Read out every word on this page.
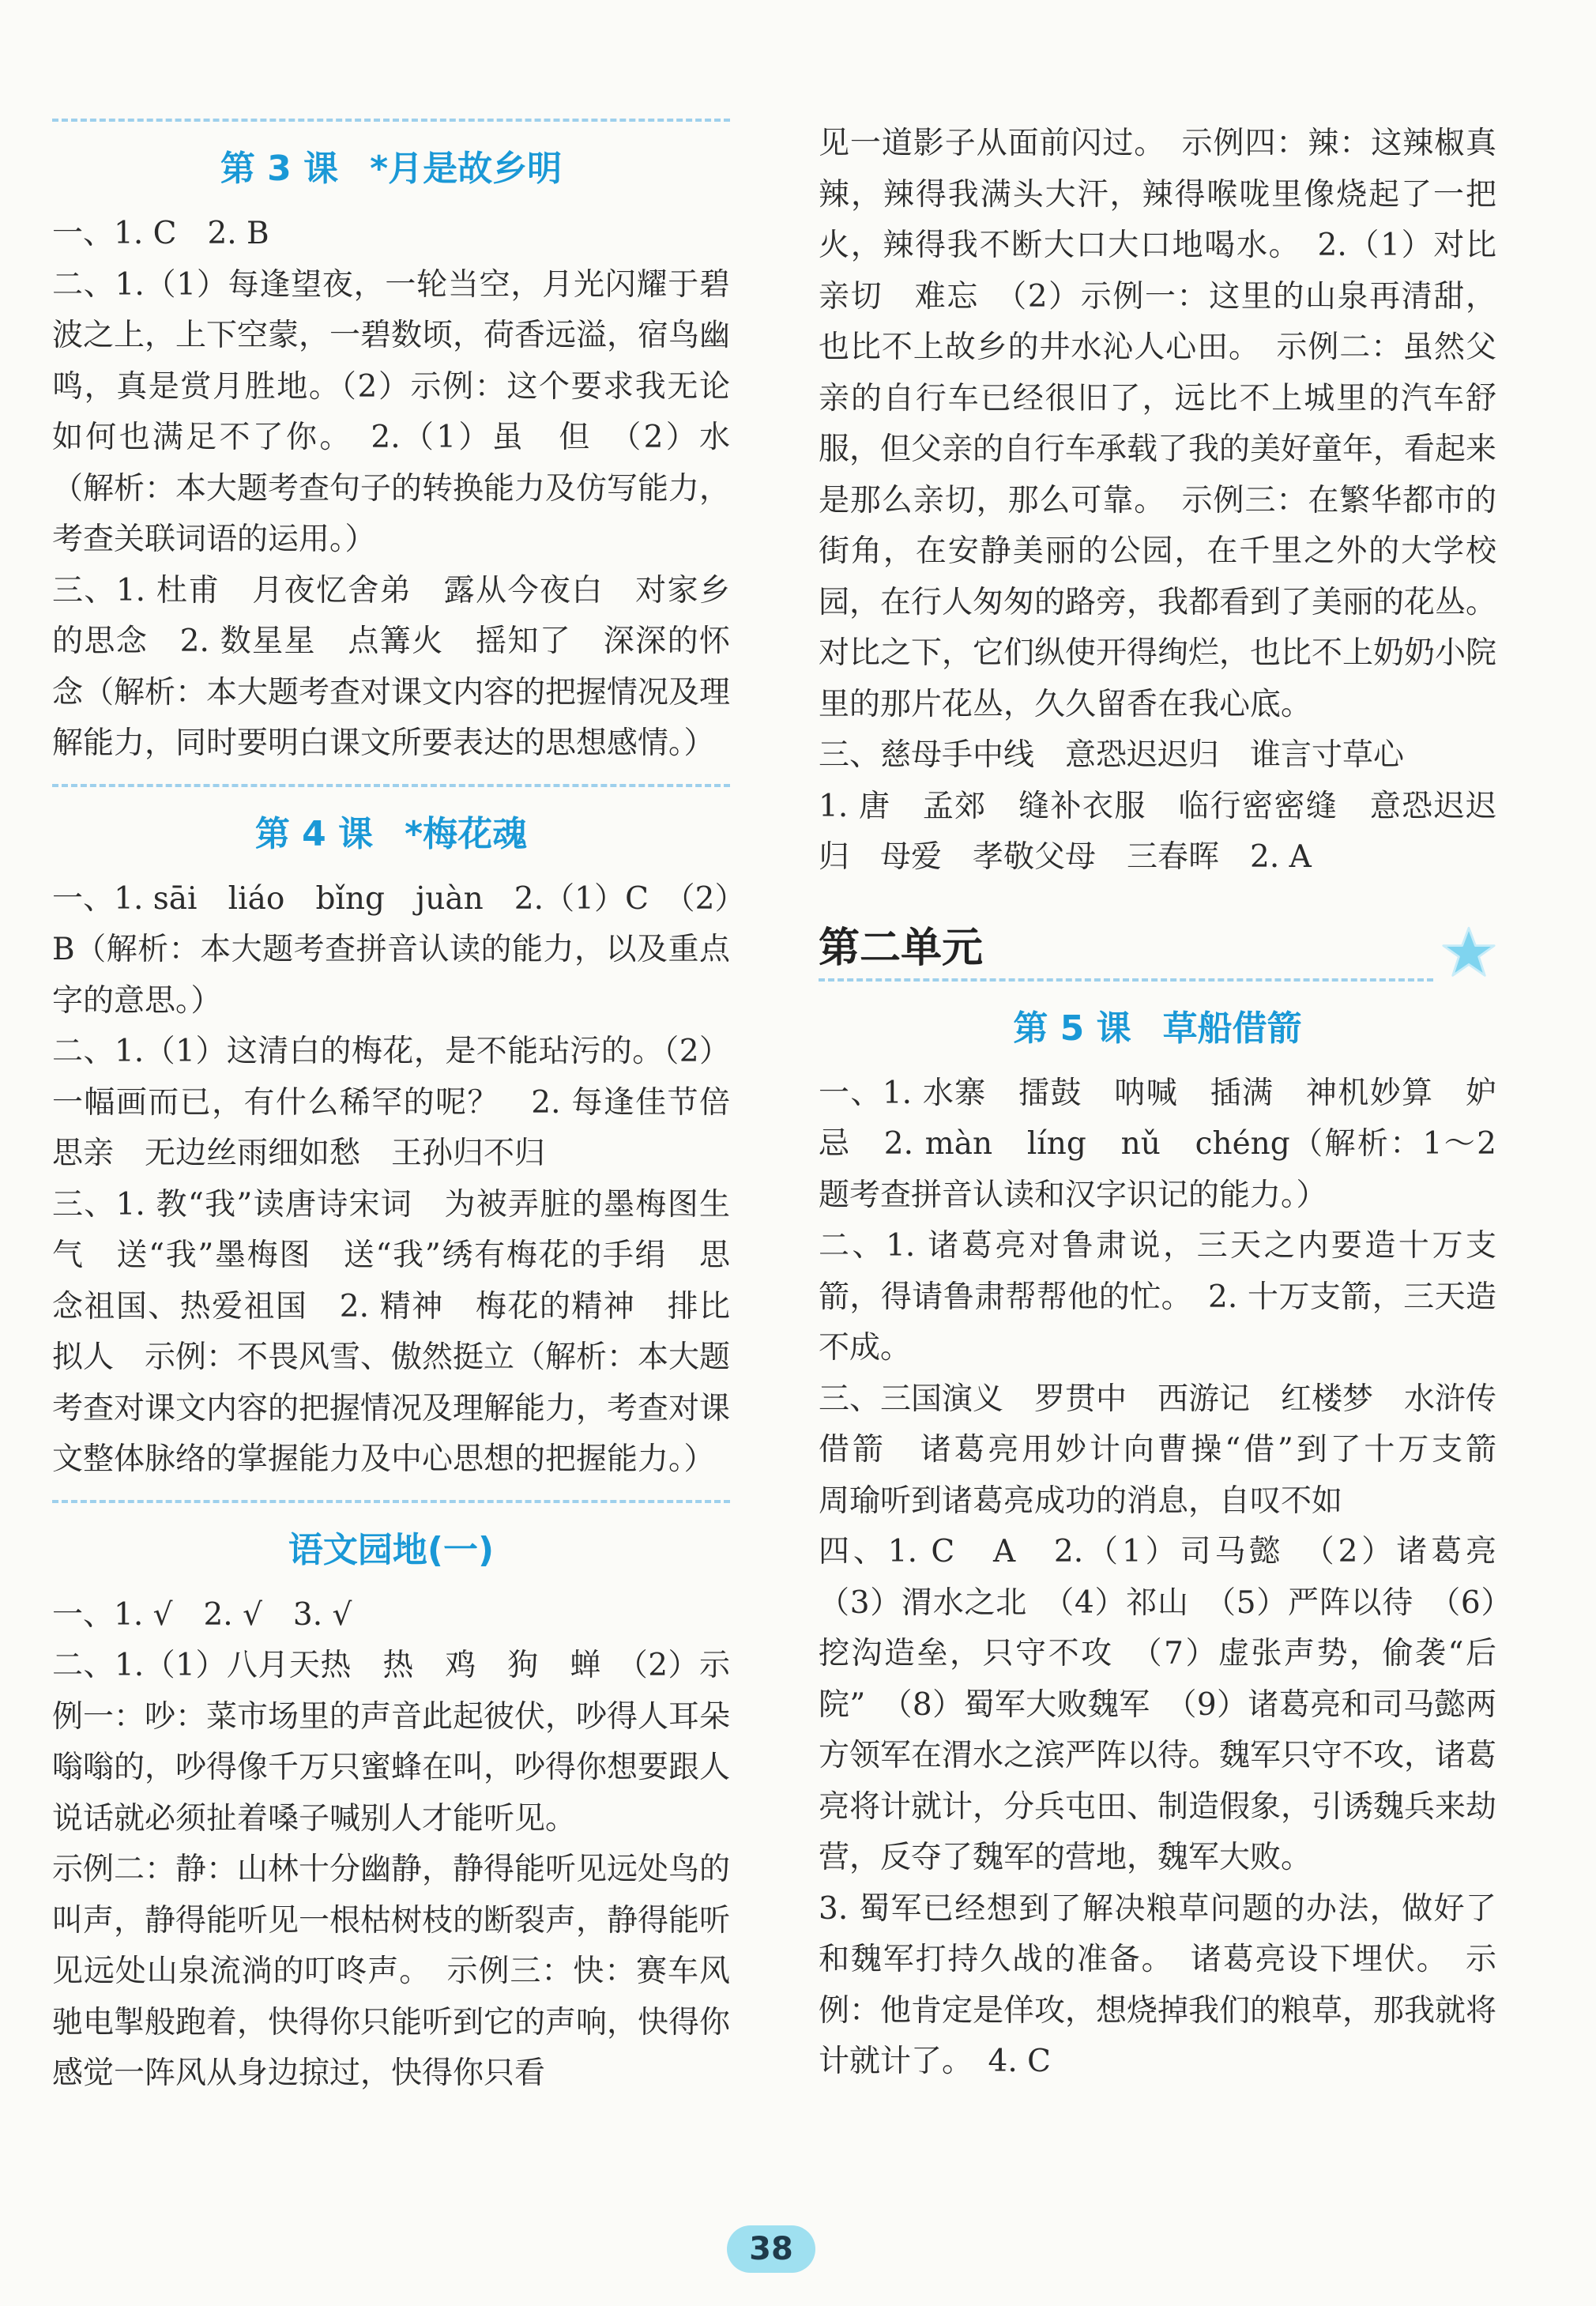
第 3 课 *月是故乡明

一、1. C　2. B

二、1.（1）每逢望夜，一轮当空，月光闪耀于碧波之上，上下空蒙，一碧数顷，荷香远溢，宿鸟幽鸣，真是赏月胜地。（2）示例：这个要求我无论如何也满足不了你。　2.（1）虽　但　（2）水（解析：本大题考查句子的转换能力及仿写能力，考查关联词语的运用。）

三、1. 杜甫　月夜忆舍弟　露从今夜白　对家乡的思念　2. 数星星　点篝火　摇知了　深深的怀念（解析：本大题考查对课文内容的把握情况及理解能力，同时要明白课文所要表达的思想感情。）

第 4 课 *梅花魂

一、1. sāi　liáo　bǐng　juàn　2.（1）C　（2）B（解析：本大题考查拼音认读的能力，以及重点字的意思。）

二、1.（1）这清白的梅花，是不能玷污的。（2）一幅画而已，有什么稀罕的呢？　2. 每逢佳节倍思亲　无边丝雨细如愁　王孙归不归

三、1. 教“我”读唐诗宋词　为被弄脏的墨梅图生气　送“我”墨梅图　送“我”绣有梅花的手绢　思念祖国、热爱祖国　2. 精神　梅花的精神　排比　拟人　示例：不畏风雪、傲然挺立（解析：本大题考查对课文内容的把握情况及理解能力，考查对课文整体脉络的掌握能力及中心思想的把握能力。）

语文园地(一)

一、1. √　2. √　3. √

二、1.（1）八月天热　热　鸡　狗　蝉　（2）示例一：吵：菜市场里的声音此起彼伏，吵得人耳朵嗡嗡的，吵得像千万只蜜蜂在叫，吵得你想要跟人说话就必须扯着嗓子喊别人才能听见。

示例二：静：山林十分幽静，静得能听见远处鸟的叫声，静得能听见一根枯树枝的断裂声，静得能听见远处山泉流淌的叮咚声。　示例三：快：赛车风驰电掣般跑着，快得你只能听到它的声响，快得你感觉一阵风从身边掠过，快得你只看

见一道影子从面前闪过。　示例四：辣：这辣椒真辣，辣得我满头大汗，辣得喉咙里像烧起了一把火，辣得我不断大口大口地喝水。　2.（1）对比　亲切　难忘　（2）示例一：这里的山泉再清甜，也比不上故乡的井水沁人心田。　示例二：虽然父亲的自行车已经很旧了，远比不上城里的汽车舒服，但父亲的自行车承载了我的美好童年，看起来是那么亲切，那么可靠。　示例三：在繁华都市的街角，在安静美丽的公园，在千里之外的大学校园，在行人匆匆的路旁，我都看到了美丽的花丛。对比之下，它们纵使开得绚烂，也比不上奶奶小院里的那片花丛，久久留香在我心底。

三、慈母手中线　意恐迟迟归　谁言寸草心

1. 唐　孟郊　缝补衣服　临行密密缝　意恐迟迟归　母爱　孝敬父母　三春晖　2. A

第二单元
第 5 课 草船借箭

一、1. 水寨　擂鼓　呐喊　插满　神机妙算　妒忌　2. màn　líng　nǔ　chéng（解析：1～2 题考查拼音认读和汉字识记的能力。）

二、1. 诸葛亮对鲁肃说，三天之内要造十万支箭，得请鲁肃帮帮他的忙。　2. 十万支箭，三天造不成。

三、三国演义　罗贯中　西游记　红楼梦　水浒传　借箭　诸葛亮用妙计向曹操“借”到了十万支箭　周瑜听到诸葛亮成功的消息，自叹不如

四、1. C　A　2.（1）司马懿　（2）诸葛亮　（3）渭水之北　（4）祁山　（5）严阵以待　（6）挖沟造垒，只守不攻　（7）虚张声势，偷袭“后院”　（8）蜀军大败魏军　（9）诸葛亮和司马懿两方领军在渭水之滨严阵以待。魏军只守不攻，诸葛亮将计就计，分兵屯田、制造假象，引诱魏兵来劫营，反夺了魏军的营地，魏军大败。

3. 蜀军已经想到了解决粮草问题的办法，做好了和魏军打持久战的准备。　诸葛亮设下埋伏。　示例：他肯定是佯攻，想烧掉我们的粮草，那我就将计就计了。　4. C

38
